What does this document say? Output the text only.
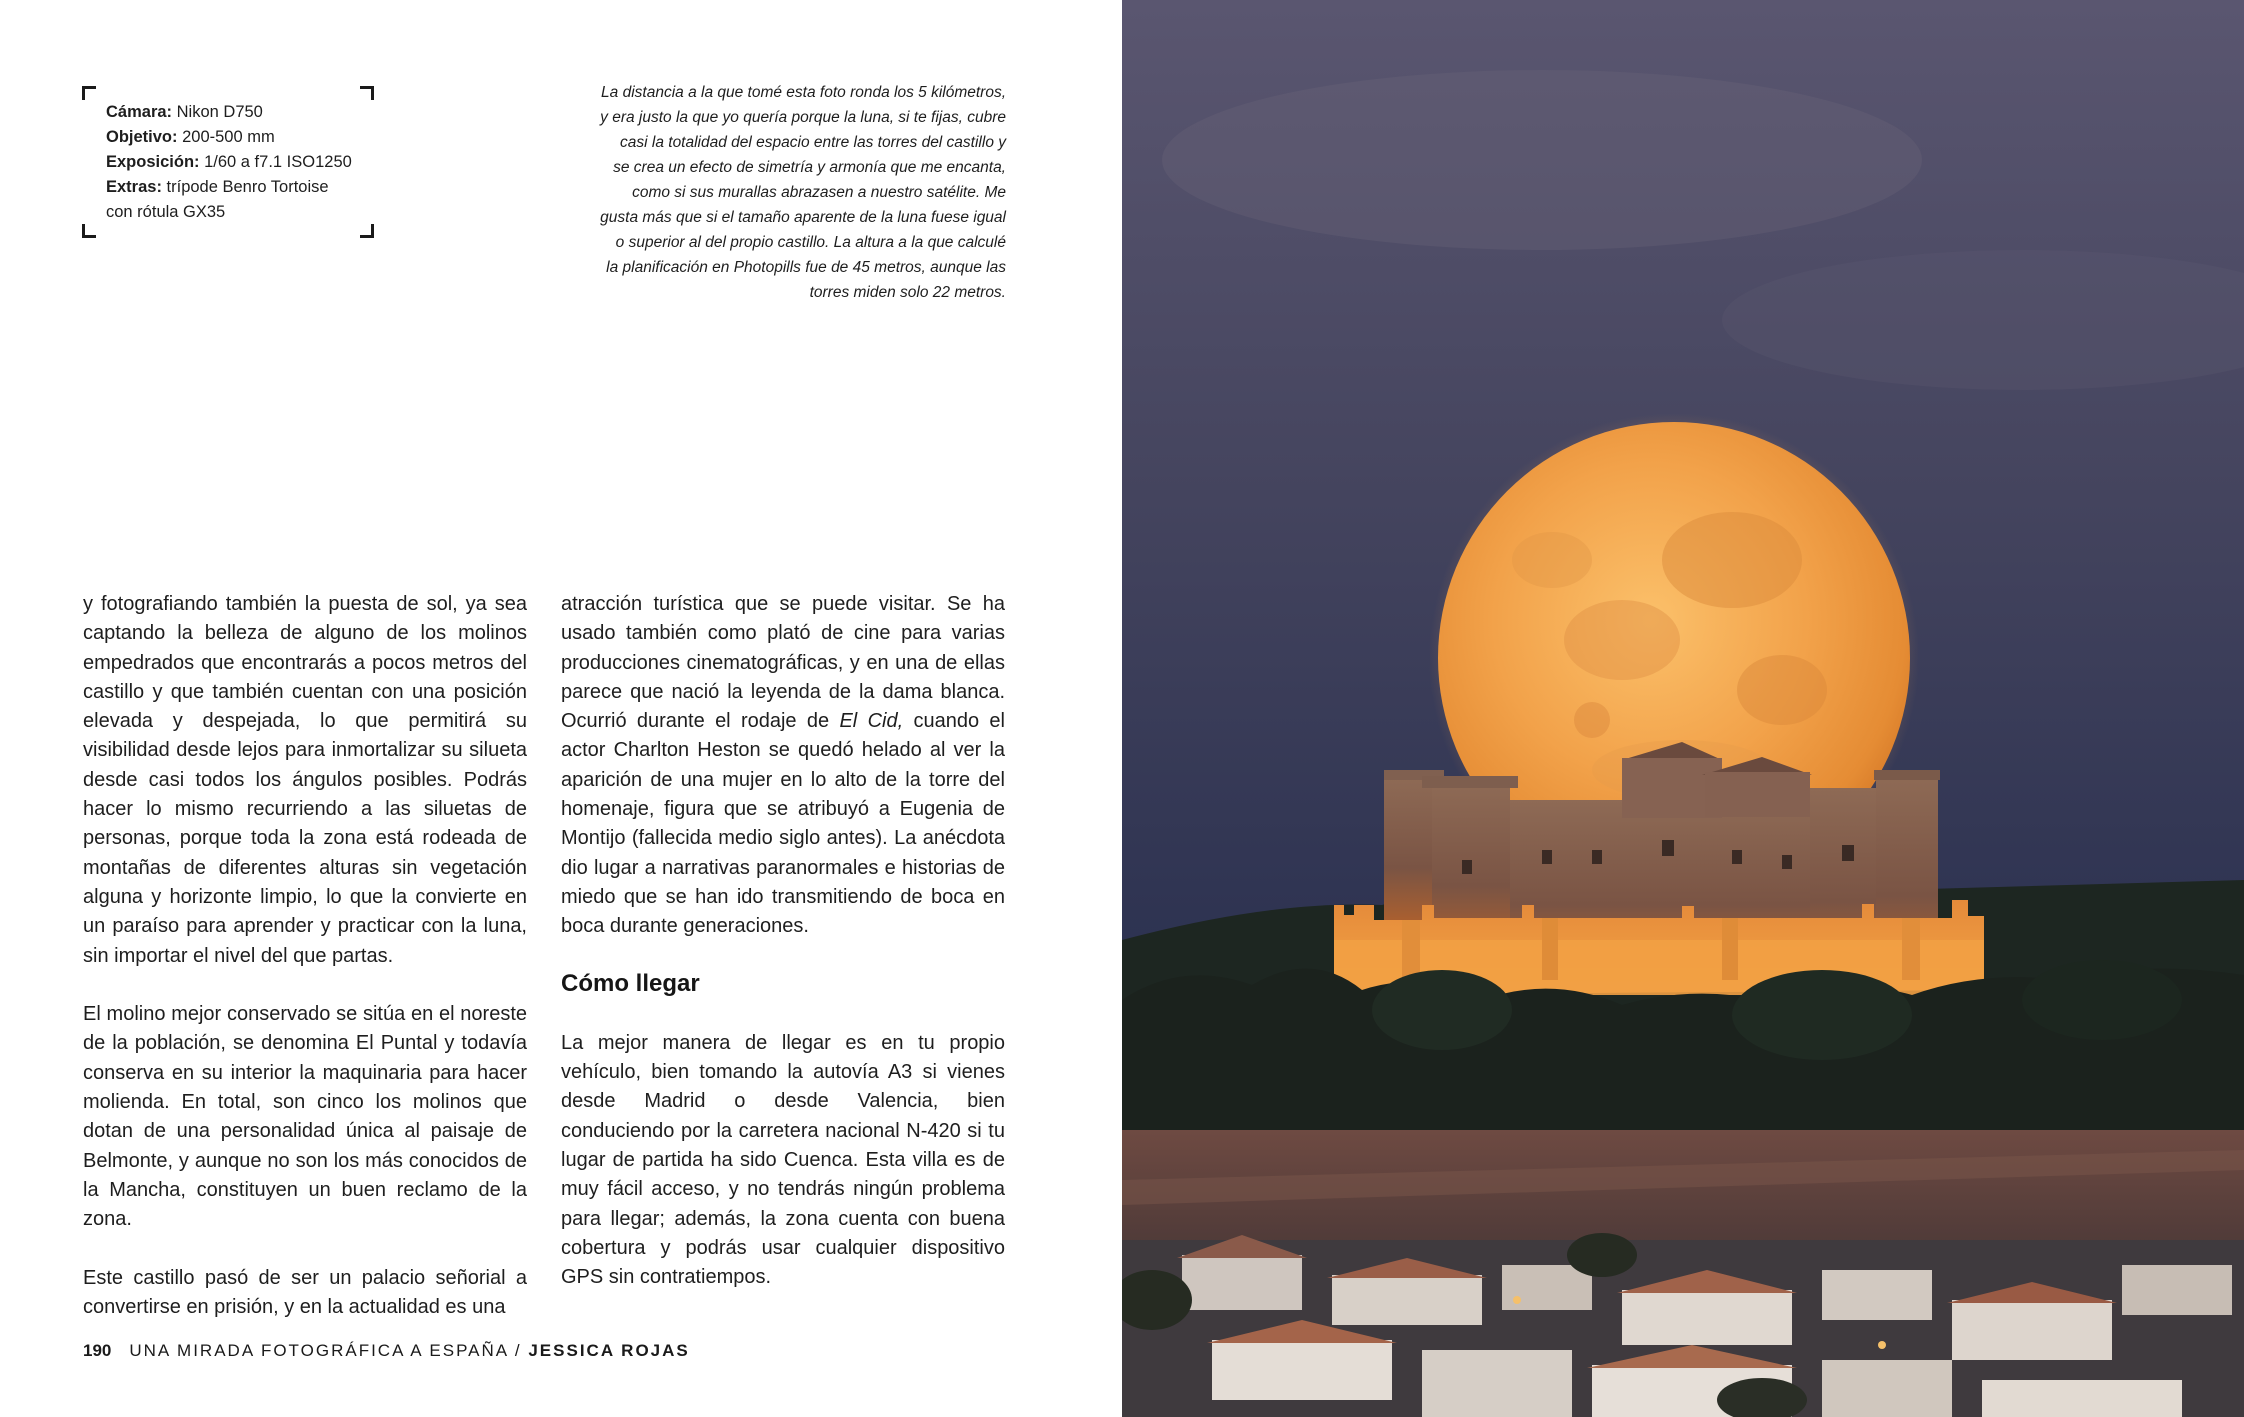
Cámara: Nikon D750
Objetivo: 200-500 mm
Exposición: 1/60 a f7.1 ISO1250
Extras: trípode Benro Tortoise
con rótula GX35

La distancia a la que tomé esta foto ronda los 5 kilómetros, y era justo la que yo quería porque la luna, si te fijas, cubre casi la totalidad del espacio entre las torres del castillo y se crea un efecto de simetría y armonía que me encanta, como si sus murallas abrazasen a nuestro satélite. Me gusta más que si el tamaño aparente de la luna fuese igual o superior al del propio castillo. La altura a la que calculé la planificación en Photopills fue de 45 metros, aunque las torres miden solo 22 metros.

y fotografiando también la puesta de sol, ya sea captando la belleza de alguno de los molinos empedrados que encontrarás a pocos metros del castillo y que también cuentan con una posición elevada y despejada, lo que permitirá su visibilidad desde lejos para inmortalizar su silueta desde casi todos los ángulos posibles. Podrás hacer lo mismo recurriendo a las siluetas de personas, porque toda la zona está rodeada de montañas de diferentes alturas sin vegetación alguna y horizonte limpio, lo que la convierte en un paraíso para aprender y practicar con la luna, sin importar el nivel del que partas.

El molino mejor conservado se sitúa en el noreste de la población, se denomina El Puntal y todavía conserva en su interior la maquinaria para hacer molienda. En total, son cinco los molinos que dotan de una personalidad única al paisaje de Belmonte, y aunque no son los más conocidos de la Mancha, constituyen un buen reclamo de la zona.

Este castillo pasó de ser un palacio señorial a convertirse en prisión, y en la actualidad es una

atracción turística que se puede visitar. Se ha usado también como plató de cine para varias producciones cinematográficas, y en una de ellas parece que nació la leyenda de la dama blanca. Ocurrió durante el rodaje de El Cid, cuando el actor Charlton Heston se quedó helado al ver la aparición de una mujer en lo alto de la torre del homenaje, figura que se atribuyó a Eugenia de Montijo (fallecida medio siglo antes). La anécdota dio lugar a narrativas paranormales e historias de miedo que se han ido transmitiendo de boca en boca durante generaciones.

Cómo llegar

La mejor manera de llegar es en tu propio vehículo, bien tomando la autovía A3 si vienes desde Madrid o desde Valencia, bien conduciendo por la carretera nacional N-420 si tu lugar de partida ha sido Cuenca. Esta villa es de muy fácil acceso, y no tendrás ningún problema para llegar; además, la zona cuenta con buena cobertura y podrás usar cualquier dispositivo GPS sin contratiempos.

190 UNA MIRADA FOTOGRÁFICA A ESPAÑA / JESSICA ROJAS
